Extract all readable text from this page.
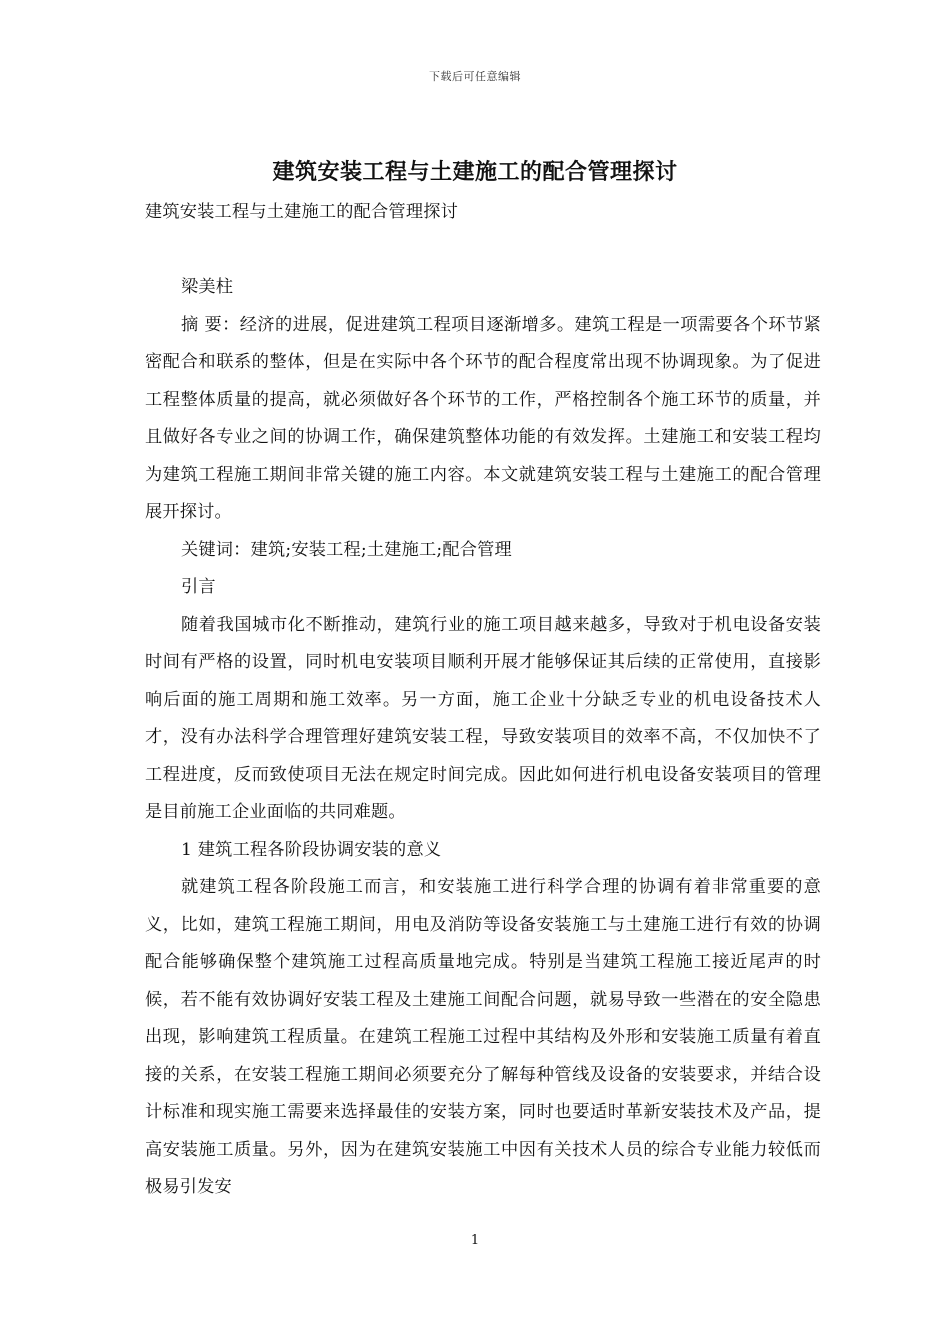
下载后可任意编辑
建筑安装工程与土建施工的配合管理探讨

建筑安装工程与土建施工的配合管理探讨

梁美柱

摘 要：经济的进展，促进建筑工程项目逐渐增多。建筑工程是一项需要各个环节紧密配合和联系的整体，但是在实际中各个环节的配合程度常出现不协调现象。为了促进工程整体质量的提高，就必须做好各个环节的工作，严格控制各个施工环节的质量，并且做好各专业之间的协调工作，确保建筑整体功能的有效发挥。土建施工和安装工程均为建筑工程施工期间非常关键的施工内容。本文就建筑安装工程与土建施工的配合管理展开探讨。

关键词：建筑;安装工程;土建施工;配合管理

引言

随着我国城市化不断推动，建筑行业的施工项目越来越多，导致对于机电设备安装时间有严格的设置，同时机电安装项目顺利开展才能够保证其后续的正常使用，直接影响后面的施工周期和施工效率。另一方面，施工企业十分缺乏专业的机电设备技术人才，没有办法科学合理管理好建筑安装工程，导致安装项目的效率不高，不仅加快不了工程进度，反而致使项目无法在规定时间完成。因此如何进行机电设备安装项目的管理是目前施工企业面临的共同难题。

1 建筑工程各阶段协调安装的意义

就建筑工程各阶段施工而言，和安装施工进行科学合理的协调有着非常重要的意义，比如，建筑工程施工期间，用电及消防等设备安装施工与土建施工进行有效的协调配合能够确保整个建筑施工过程高质量地完成。特别是当建筑工程施工接近尾声的时候，若不能有效协调好安装工程及土建施工间配合问题，就易导致一些潜在的安全隐患出现，影响建筑工程质量。在建筑工程施工过程中其结构及外形和安装施工质量有着直接的关系，在安装工程施工期间必须要充分了解每种管线及设备的安装要求，并结合设计标准和现实施工需要来选择最佳的安装方案，同时也要适时革新安装技术及产品，提高安装施工质量。另外，因为在建筑安装施工中因有关技术人员的综合专业能力较低而极易引发安

1
